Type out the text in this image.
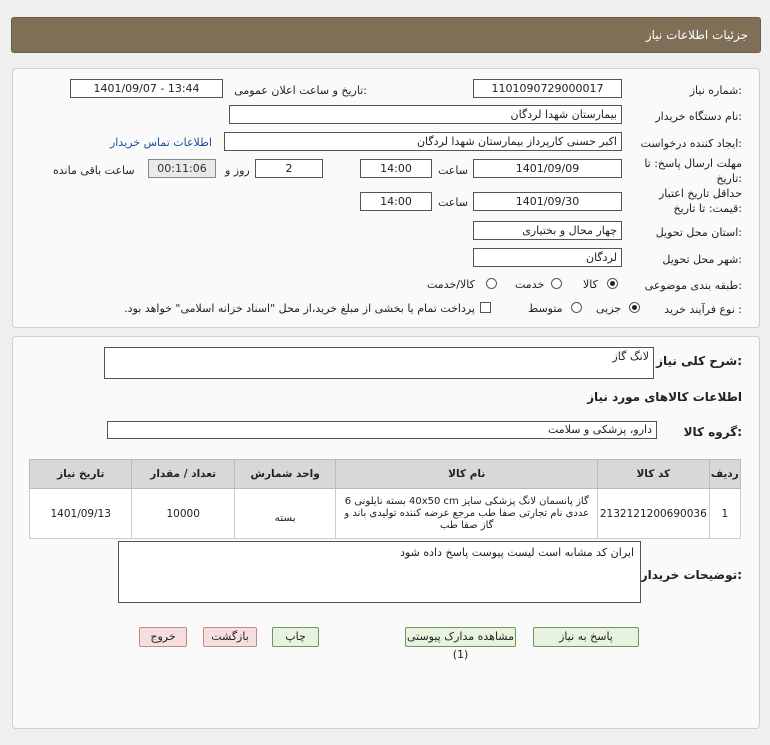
جزئیات اطلاعات نیاز
شماره نیاز:
1101090729000017
تاریخ و ساعت اعلان عمومی:
1401/09/07 - 13:44
نام دستگاه خریدار:
بیمارستان شهدا لردگان
ایجاد کننده درخواست:
اکبر حسنی کارپرداز بیمارستان شهدا لردگان
اطلاعات تماس خریدار
مهلت ارسال پاسخ: تا
تاریخ:
1401/09/09
ساعت
14:00
2
روز و
00:11:06
ساعت باقی مانده
حداقل تاریخ اعتبار
قیمت: تا تاریخ:
1401/09/30
ساعت
14:00
استان محل تحویل:
چهار محال و بختیاری
شهر محل تحویل:
لردگان
طبقه بندی موضوعی:
کالا
خدمت
کالا/خدمت
نوع فرآیند خرید :
جزیی
متوسط
پرداخت تمام یا بخشی از مبلغ خرید،از محل "اسناد خزانه اسلامی" خواهد بود.
شرح کلی نیاز:
لانگ گاز
اطلاعات کالاهای مورد نیاز
گروه کالا:
دارو، پزشکی و سلامت
ردیف	کد کالا	نام کالا	واحد شمارش	تعداد / مقدار	تاریخ نیاز
1	2132121200690036	گاز پانسمان لانگ پزشکی سایز 40x50 cm بسته نایلونی 6 عددی نام تجارتی صفا طب مرجع عرضه کننده تولیدی باند و گاز صفا طب	بسته	10000	1401/09/13
توضیحات خریدار:
ایران کد مشابه است لیست پیوست پاسخ داده شود
پاسخ به نیاز
مشاهده مدارک پیوستی (1)
چاپ
بازگشت
خروج
